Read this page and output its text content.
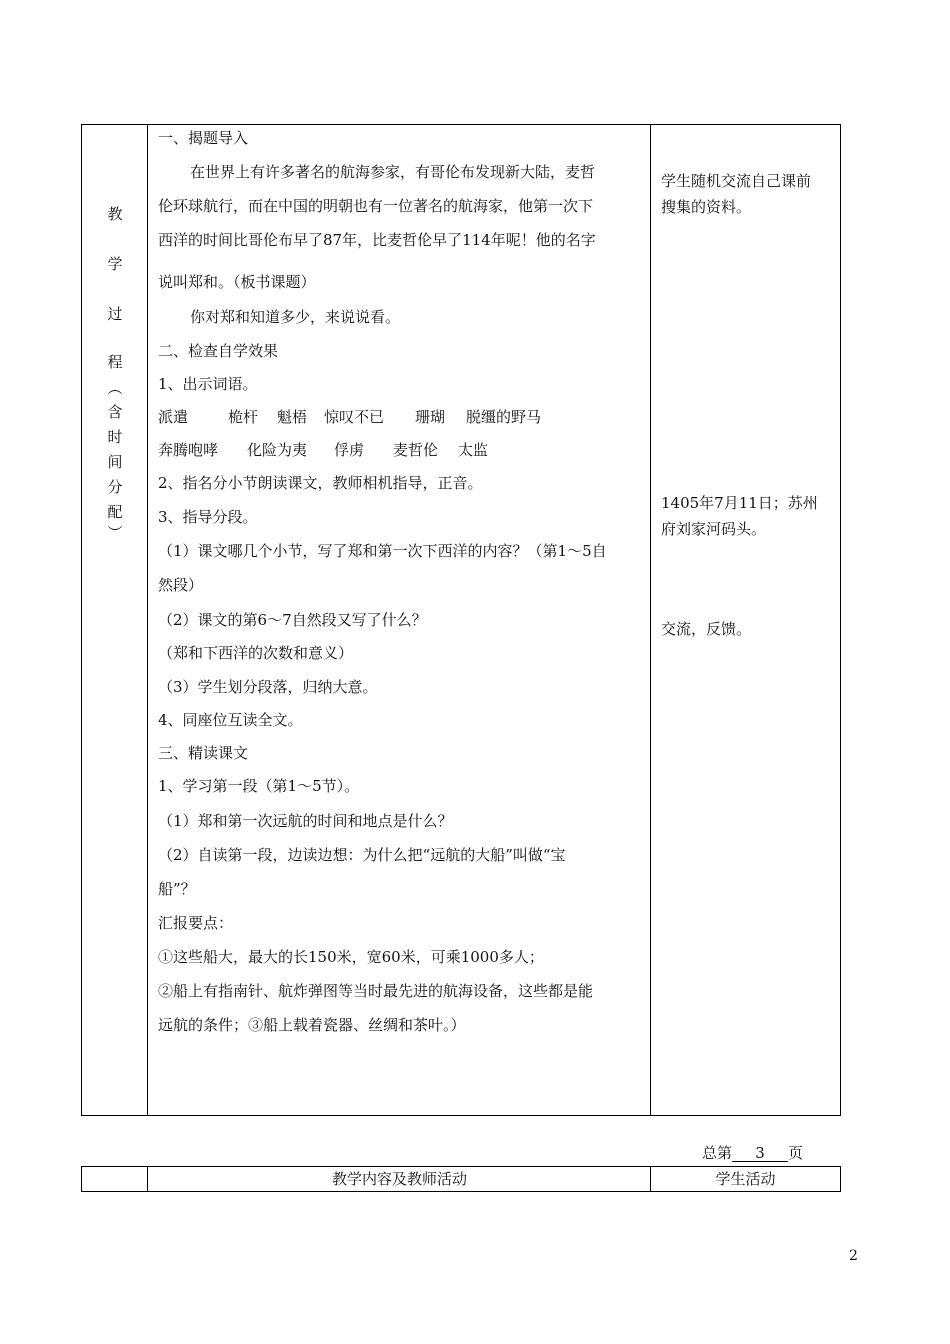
教
学
过
程
︵
含
时
间
分
配
︶
一、揭题导入
在世界上有许多著名的航海参家，有哥伦布发现新大陆，麦哲
伦环球航行，而在中国的明朝也有一位著名的航海家，他第一次下
西洋的时间比哥伦布早了87年，比麦哲伦早了114年呢！他的名字
说叫郑和。（板书课题）
你对郑和知道多少，来说说看。
二、检查自学效果
1、出示词语。
派遣	桅杆 魁梧 惊叹不已 珊瑚 脱缰的野马
奔腾咆哮 化险为夷 俘虏 麦哲伦 太监
2、指名分小节朗读课文，教师相机指导，正音。
3、指导分段。
（1）课文哪几个小节，写了郑和第一次下西洋的内容？（第1～5自
然段）
（2）课文的第6～7自然段又写了什么？
（郑和下西洋的次数和意义）
（3）学生划分段落，归纳大意。
4、同座位互读全文。
三、精读课文
1、学习第一段（第1～5节）。
（1）郑和第一次远航的时间和地点是什么？
（2）自读第一段，边读边想：为什么把“远航的大船”叫做“宝
船”？
汇报要点：
①这些船大，最大的长150米，宽60米，可乘1000多人；
②船上有指南针、航炸弹图等当时最先进的航海设备，这些都是能
远航的条件；③船上载着瓷器、丝绸和茶叶。）
学生随机交流自己课前
搜集的资料。
1405年7月11日；苏州
府刘家河码头。
交流，反馈。
总第 3 页
教学内容及教师活动	学生活动
2
